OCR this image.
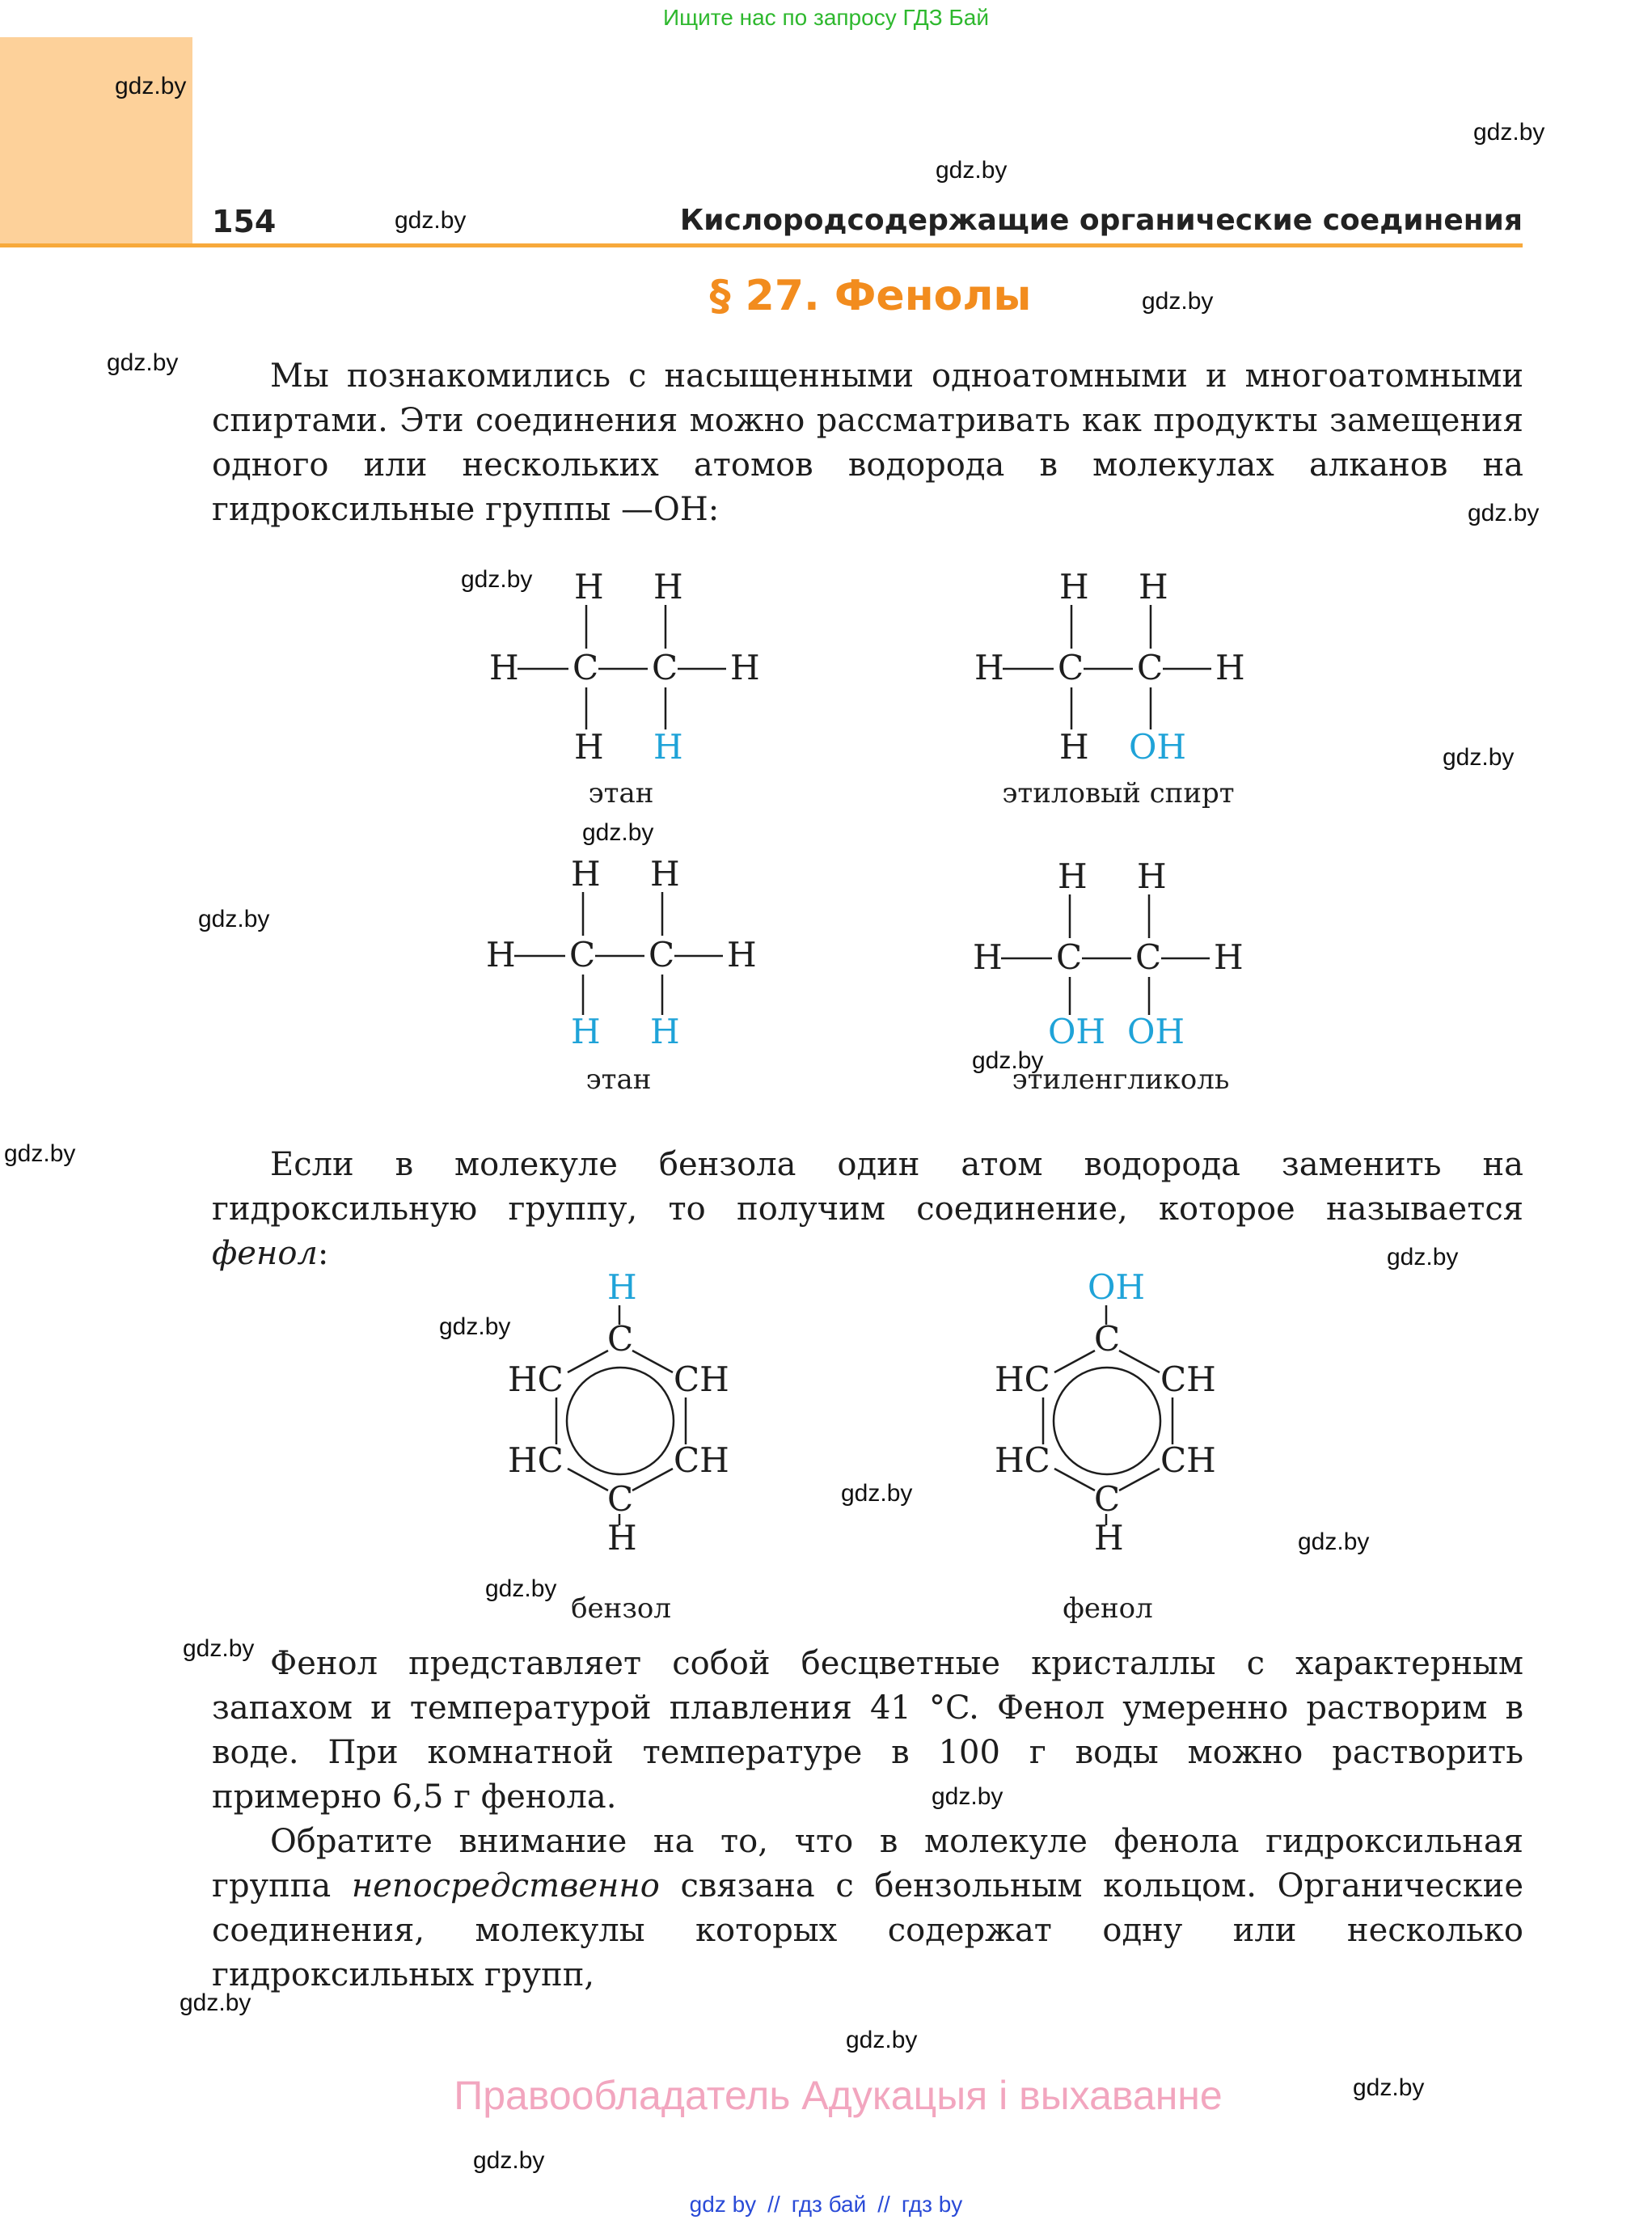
Ищите нас по запросу ГДЗ Бай
154	Кислородсодержащие органические соединения
§ 27. Фенолы

Мы познакомились с насыщенными одноатомными и многоатомными спиртами. Эти соединения можно рассматривать как продукты замещения одного или нескольких атомов водорода в молекулах алканов на гидроксильные группы —OH:

H H
H C C H
H H
этан
H H
H C C H
H OH
этиловый спирт
H H
H C C H
H H
этан
H H
H C C H
OH OH
этиленгликоль

Если в молекуле бензола один атом водорода заменить на гидроксильную группу, то получим соединение, которое называется фенол:

H
C
HC	CH
HC	CH
C
H
бензол
OH
C
HC	CH
HC	CH
C
H
фенол

Фенол представляет собой бесцветные кристаллы с характерным запахом и температурой плавления 41 °C. Фенол умеренно растворим в воде. При комнатной температуре в 100 г воды можно растворить примерно 6,5 г фенола.

Обратите внимание на то, что в молекуле фенола гидроксильная группа непосредственно связана с бензольным кольцом. Органические соединения, молекулы которых содержат одну или несколько гидроксильных групп,

gdz.by
gdz.by
gdz.by
gdz.by
gdz.by
gdz.by
gdz.by
gdz.by
gdz.by
gdz.by
gdz.by
gdz.by
gdz.by
gdz.by
gdz.by
gdz.by
gdz.by
gdz.by
gdz.by
gdz.by
gdz.by
gdz.by
gdz.by
gdz.by
Правообладатель Адукацыя і выхаванне
gdz by // гдз бай // гдз by
